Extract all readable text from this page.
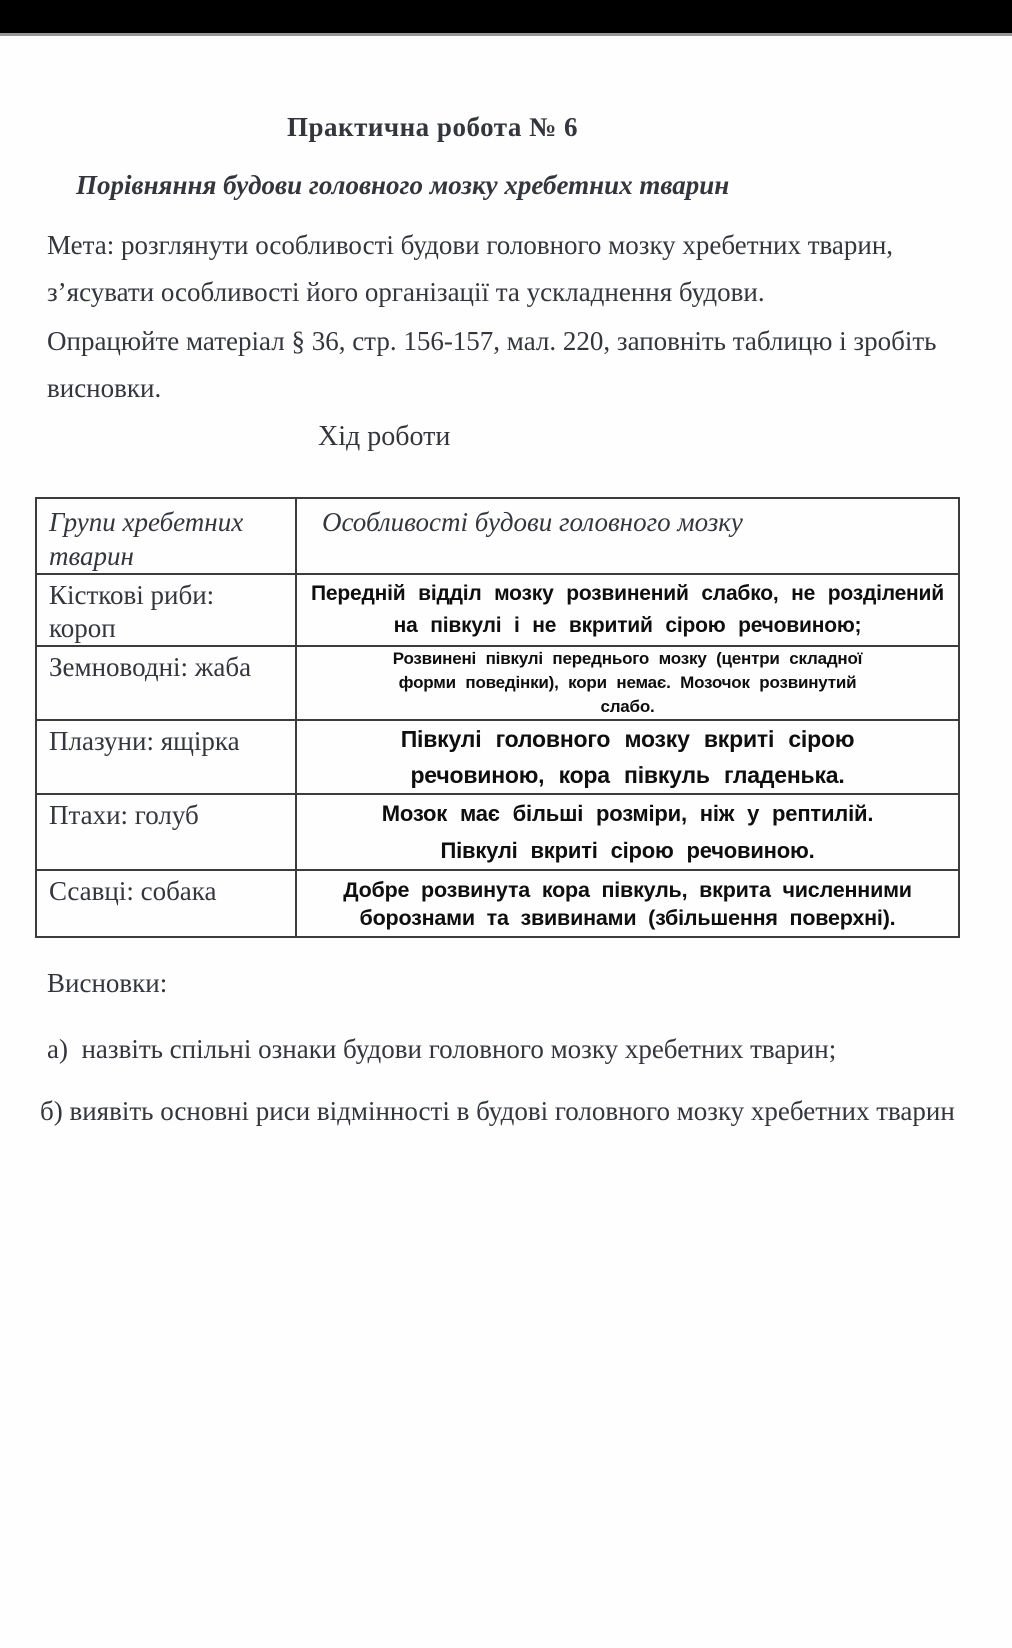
Практична робота № 6
Порівняння будови головного мозку хребетних тварин
Мета: розглянути особливості будови головного мозку хребетних тварин,
з’ясувати особливості його організації та ускладнення будови.
Опрацюйте матеріал § 36, стр. 156-157, мал. 220, заповніть таблицю і зробіть
висновки.
Хід роботи
Групи хребетних тварин	Особливості будови головного мозку
Кісткові риби: короп	Передній відділ мозку розвинений слабко, не розділений на півкулі і не вкритий сірою речовиною;

Земноводні: жаба	Розвинені півкулі переднього мозку (центри складної форми поведінки), кори немає. Мозочок розвинутий слабо.

Плазуни: ящірка	Півкулі головного мозку вкриті сірою речовиною, кора півкуль гладенька.

Птахи: голуб	Мозок має більші розміри, ніж у рептилій. Півкулі вкриті сірою речовиною.

Ссавці: собака	Добре розвинута кора півкуль, вкрита численними борознами та звивинами (збільшення поверхні).
Висновки:
а)  назвіть спільні ознаки будови головного мозку хребетних тварин;
б) виявіть основні риси відмінності в будові головного мозку хребетних тварин
